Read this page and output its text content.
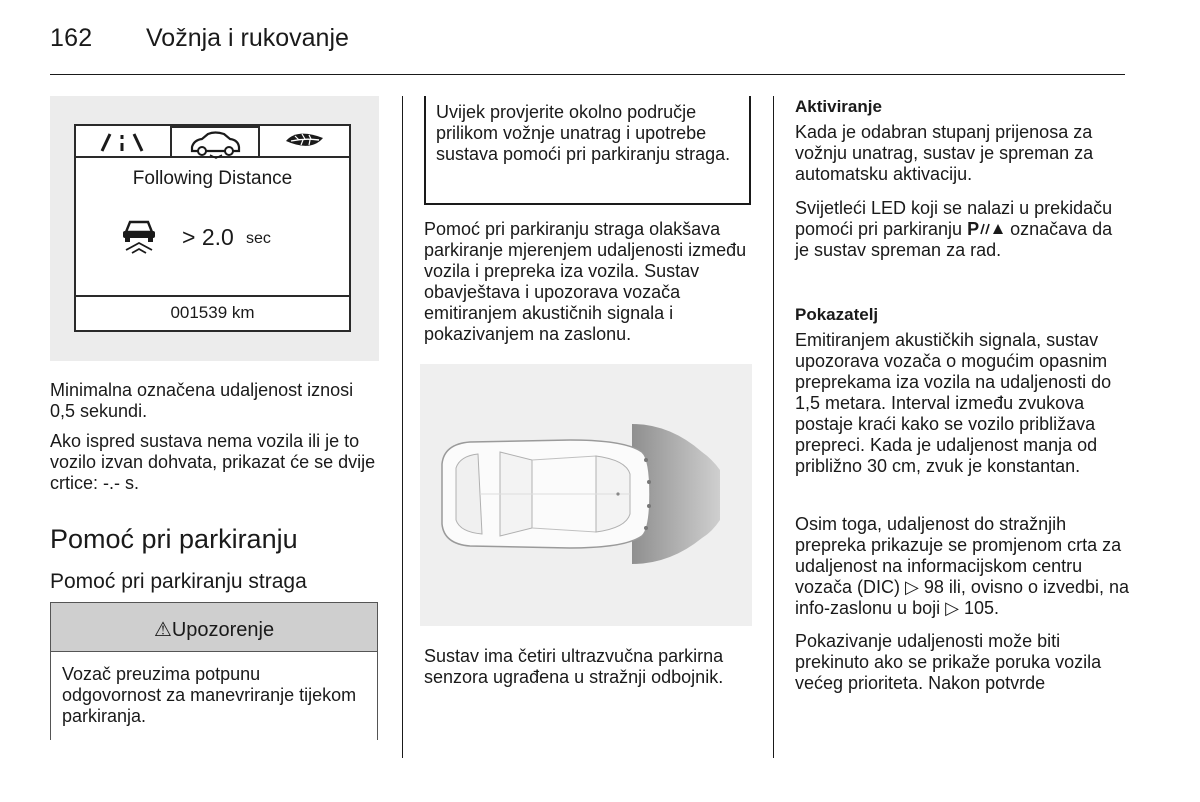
162 Vožnja i rukovanje
Following Distance
> 2.0 sec
001539 km

Minimalna označena udaljenost iznosi 0,5 sekundi.

Ako ispred sustava nema vozila ili je to vozilo izvan dohvata, prikazat će se dvije crtice: -.- s.

Pomoć pri parkiranju
Pomoć pri parkiranju straga
⚠Upozorenje

Vozač preuzima potpunu odgovornost za manevriranje tijekom parkiranja.

Uvijek provjerite okolno područje prilikom vožnje unatrag i upotrebe sustava pomoći pri parkiranju straga.

Pomoć pri parkiranju straga olakšava parkiranje mjerenjem udaljenosti između vozila i prepreka iza vozila. Sustav obavještava i upozorava vozača emitiranjem akustičnih signala i pokazivanjem na zaslonu.

Sustav ima četiri ultrazvučna parkirna senzora ugrađena u stražnji odbojnik.

Aktiviranje

Kada je odabran stupanj prijenosa za vožnju unatrag, sustav je spreman za automatsku aktivaciju.

Svijetleći LED koji se nalazi u prekidaču pomoći pri parkiranju P označava da je sustav spreman za rad.

Pokazatelj

Emitiranjem akustičkih signala, sustav upozorava vozača o mogućim opasnim preprekama iza vozila na udaljenosti do 1,5 metara. Interval između zvukova postaje kraći kako se vozilo približava prepreci. Kada je udaljenost manja od približno 30 cm, zvuk je konstantan.

Osim toga, udaljenost do stražnjih prepreka prikazuje se promjenom crta za udaljenost na informacijskom centru vozača (DIC) ▷ 98 ili, ovisno o izvedbi, na info-zaslonu u boji ▷ 105.

Pokazivanje udaljenosti može biti prekinuto ako se prikaže poruka vozila većeg prioriteta. Nakon potvrde
